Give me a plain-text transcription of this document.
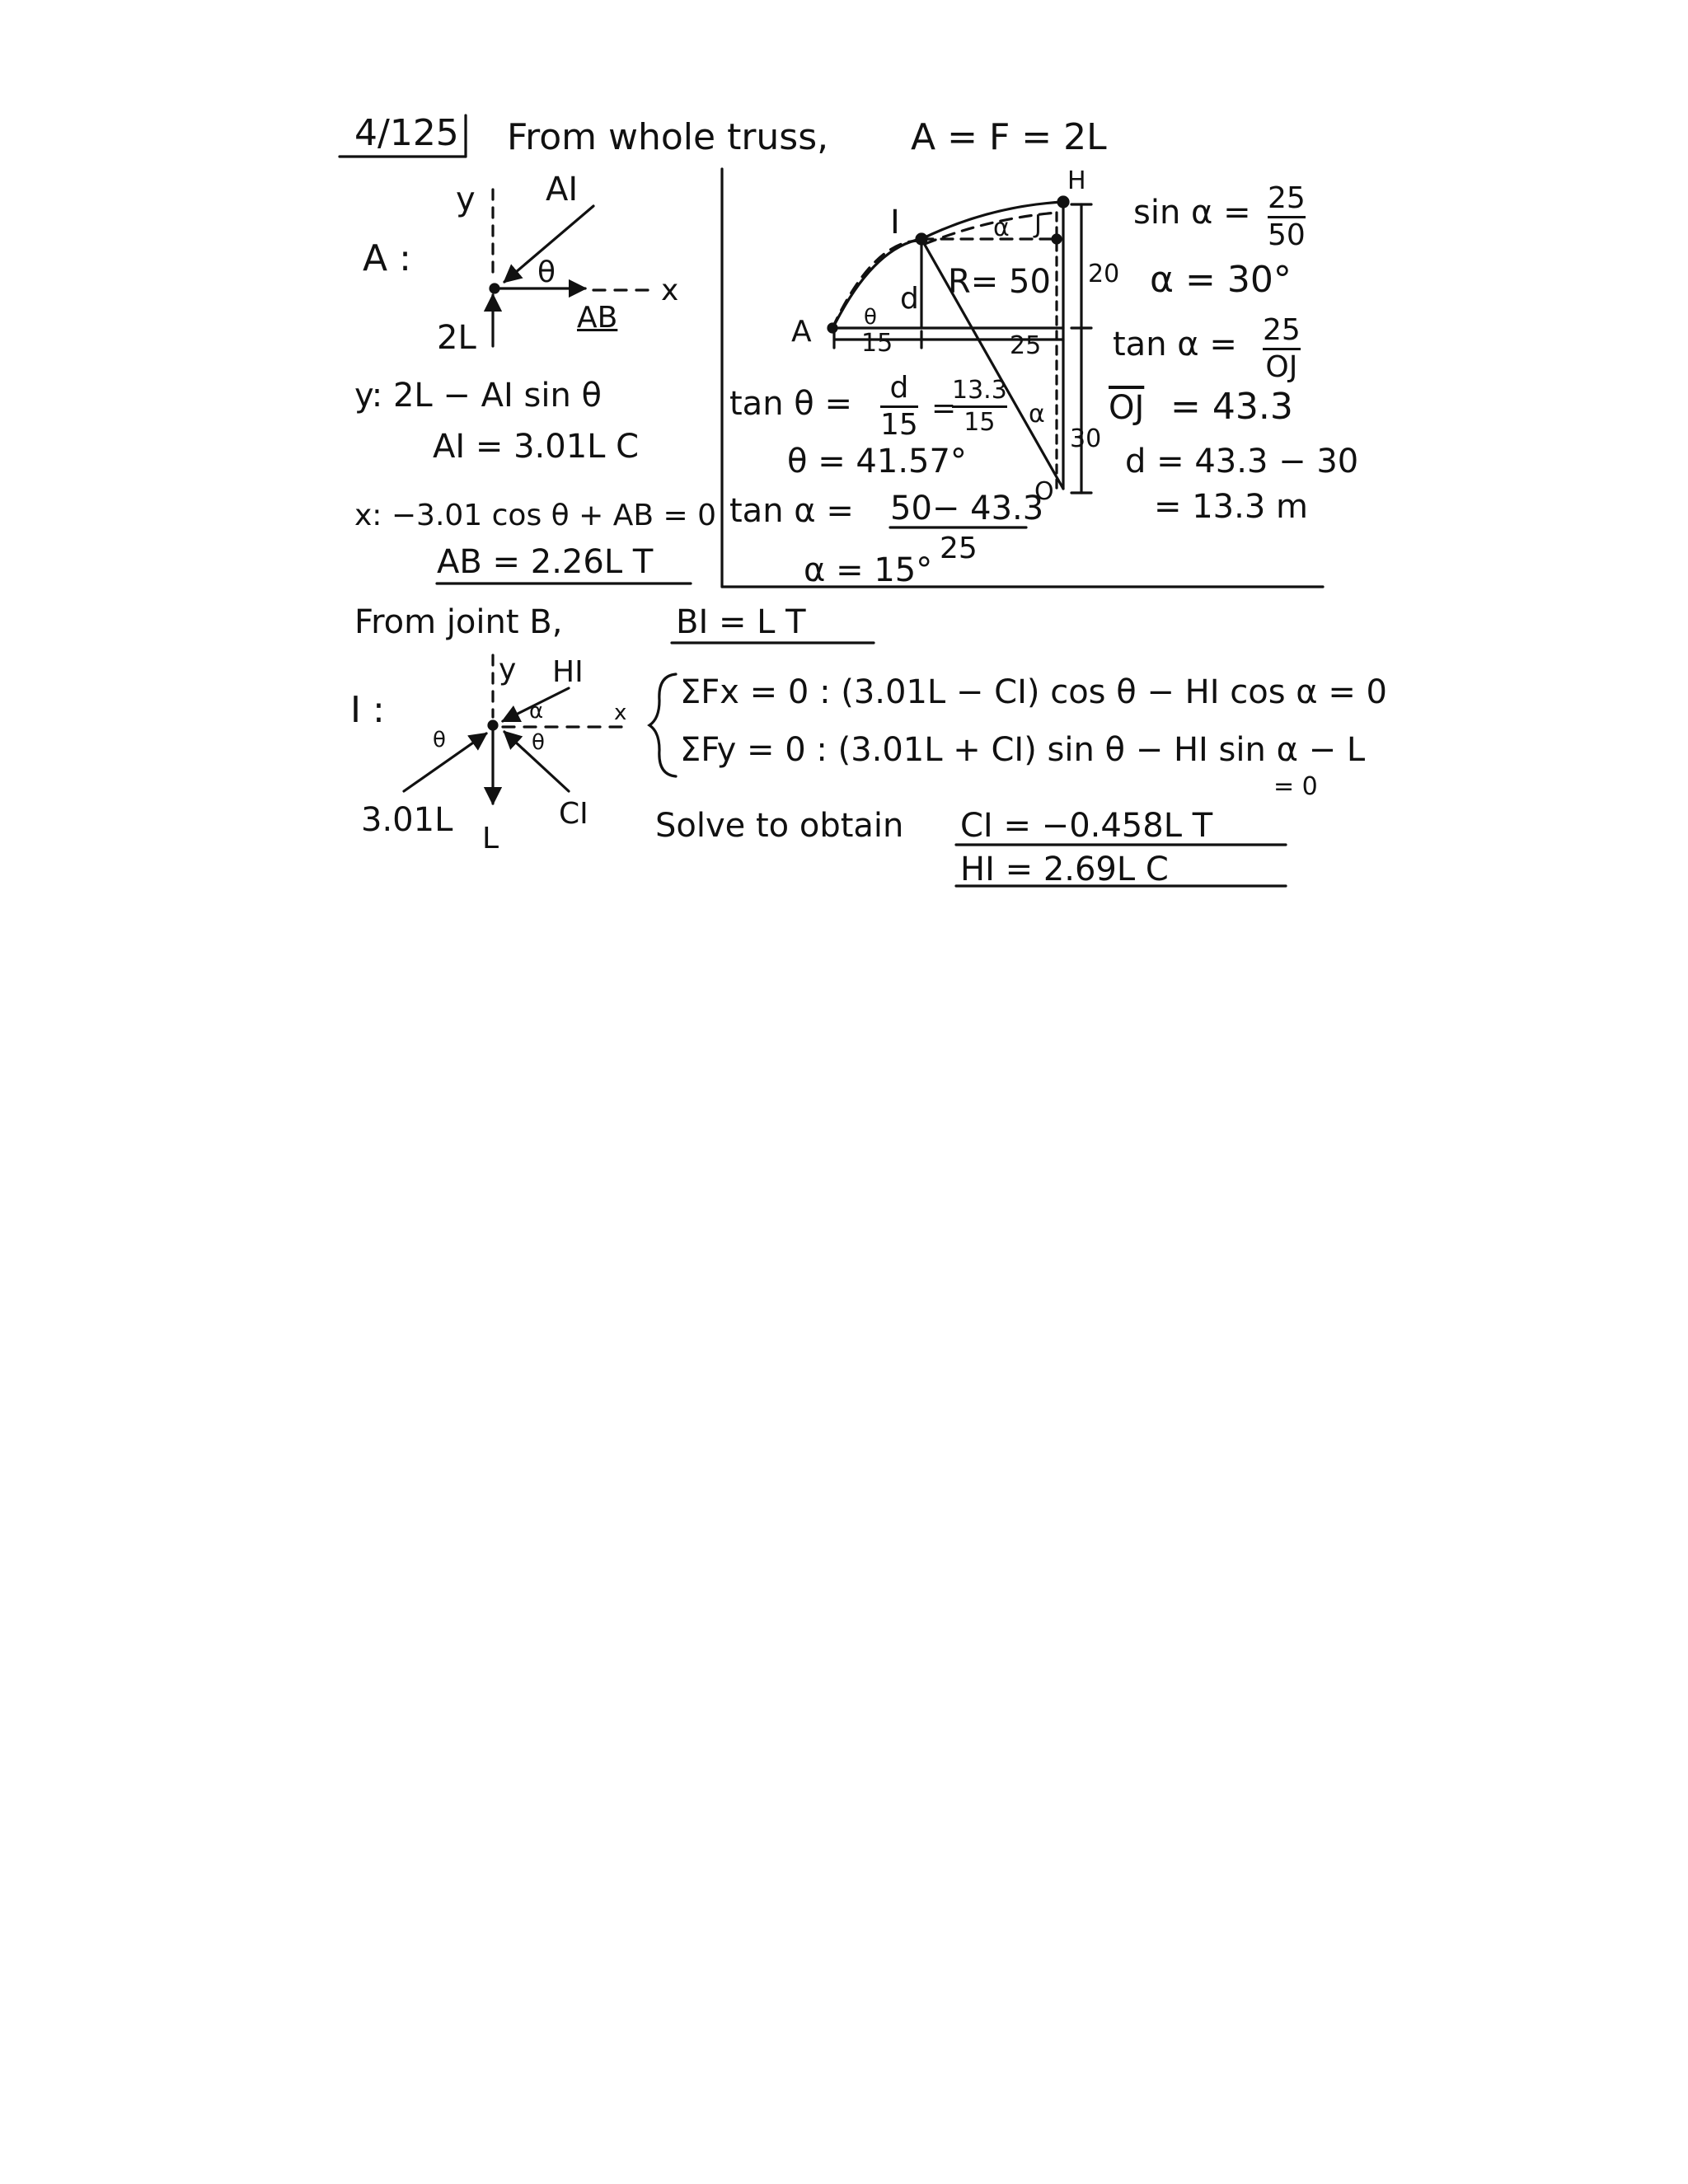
4/125 From whole truss, A = F = 2L
A :
y AI
θ
x
AB
2L
y: 2L − AI sin θ
AI = 3.01L C
x: −3.01 cos θ + AB = 0
AB = 2.26L T
H
I	α J
d R= 50
A θ
15	25
20
30
α
O
tan θ = d
15 =
13.3
15
θ = 41.57°
tan α = 50− 43.3
25
α = 15°
sin α = 25
50
α = 30°
tan α = 25
OJ
$\overline{OJ} = 43.3$
d = 43.3 − 30
= 13.3 m
From joint B,	BI = L T
I :
y HI
α	x
θ	θ
3.01L	CI
L
ΣFx = 0 : (3.01L − CI) cos θ − HI cos α = 0
ΣFy = 0 : (3.01L + CI) sin θ − HI sin α − L
= 0
Solve to obtain CI = −0.458L T
HI = 2.69L C
